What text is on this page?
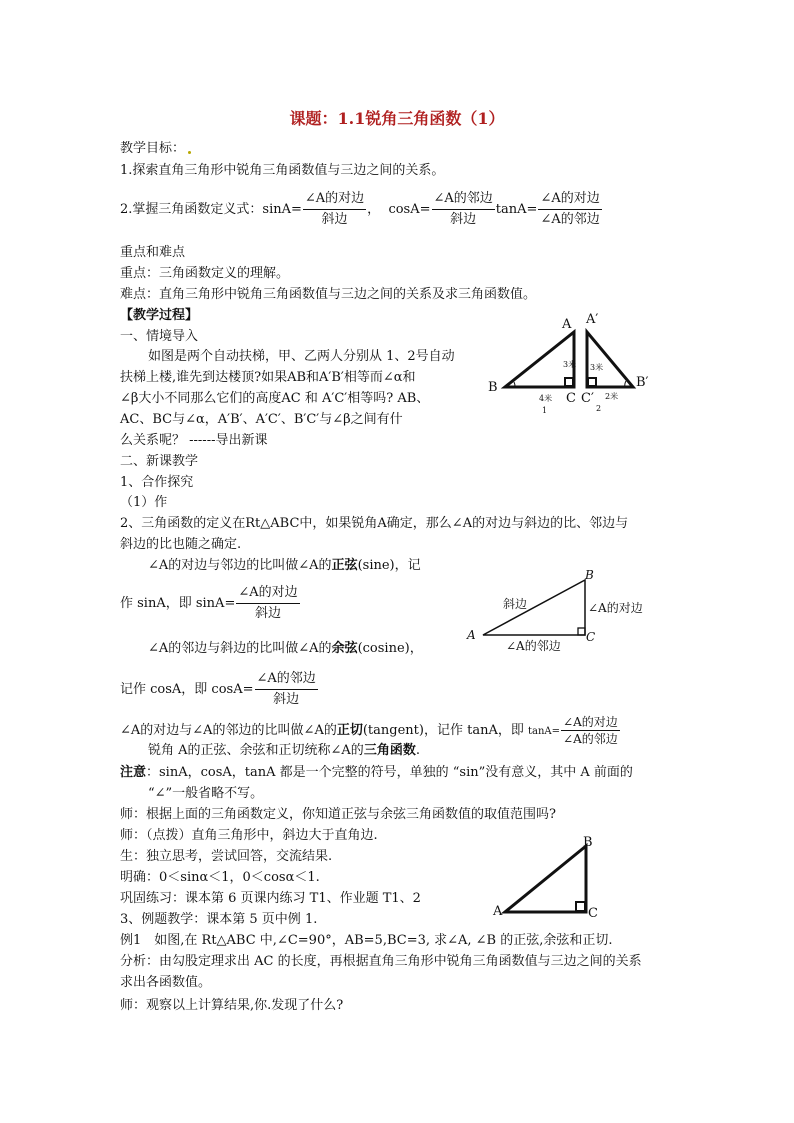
课题：1.1锐角三角函数（1）
教学目标：
1.探索直角三角形中锐角三角函数值与三边之间的关系。
2.掌握三角函数定义式：$\sin A= \frac{\text{∠A的对边}}{\text{斜边}}$ ， $\cos A= \frac{\text{∠A的邻边}}{\text{斜边}} \tan A= \frac{\text{∠A的对边}}{\text{∠A的邻边}}$
重点和难点
重点：三角函数定义的理解。
难点：直角三角形中锐角三角函数值与三边之间的关系及求三角函数值。
【教学过程】
一、情境导入
如图是两个自动扶梯，甲、乙两人分别从 1、2号自动
扶梯上楼,谁先到达楼顶?如果AB和A′B′相等而∠α和
∠β大小不同那么它们的高度AC 和 A′C′相等吗? AB、
AC、BC与∠α，A′B′、A′C′、B′C′与∠β之间有什
么关系呢？ ------导出新课
二、新课教学
1、合作探究
（1）作
2、三角函数的定义在Rt△ABC中，如果锐角A确定，那么∠A的对边与斜边的比、邻边与
斜边的比也随之确定.
∠A的对边与邻边的比叫做∠A的正弦(sine)，记
作 sinA，即 $\sin A= \frac{\text{∠A的对边}}{\text{斜边}}$
∠A的邻边与斜边的比叫做∠A的余弦(cosine)，
记作 cosA，即 $\cos A= \frac{\text{∠A的邻边}}{\text{斜边}}$
∠A的对边与∠A的邻边的比叫做∠A的正切(tangent)，记作 tanA，即 $\tan A= \frac{\text{∠A的对边}}{\text{∠A的邻边}}$
锐角 A的正弦、余弦和正切统称∠A的三角函数.
注意：sinA，cosA，tanA 都是一个完整的符号，单独的 “sin”没有意义，其中 A 前面的
“∠”一般省略不写。
师：根据上面的三角函数定义，你知道正弦与余弦三角函数值的取值范围吗?
师：（点拨）直角三角形中，斜边大于直角边.
生：独立思考，尝试回答，交流结果.
明确：0＜sinα＜1，0＜cosα＜1.
巩固练习：课本第 6 页课内练习 T1、作业题 T1、2
3、例题教学：课本第 5 页中例 1.
例1　如图,在 Rt△ABC 中,∠C=90°，AB=5,BC=3, 求∠A, ∠B 的正弦,余弦和正切.
分析：由勾股定理求出 AC 的长度，再根据直角三角形中锐角三角函数值与三边之间的关系
求出各函数值。
师：观察以上计算结果,你.发现了什么?
A A′
B
C C′
B′
3米
4米
3米
2米
1	2
B
A	C
斜边	∠A的对边
∠A的邻边
B
A	C
